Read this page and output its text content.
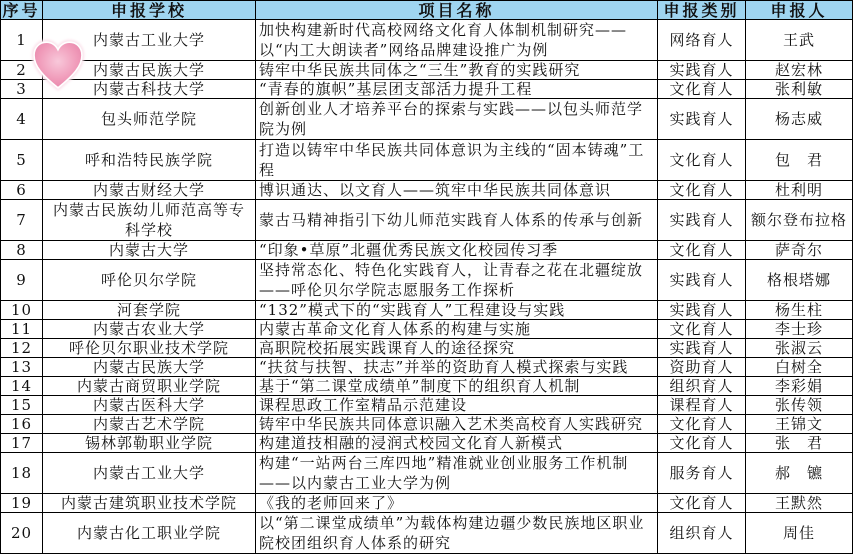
序号	申报学校	项目名称	申报类别	申报人
1	内蒙古工业大学	加快构建新时代高校网络文化育人体制机制研究——以“内工大朗读者”网络品牌建设推广为例	网络育人	王武
2	内蒙古民族大学	铸牢中华民族共同体之“三生”教育的实践研究	实践育人	赵宏林
3	内蒙古科技大学	“青春的旗帜”基层团支部活力提升工程	文化育人	张利敏
4	包头师范学院	创新创业人才培养平台的探索与实践——以包头师范学院为例	实践育人	杨志威
5	呼和浩特民族学院	打造以铸牢中华民族共同体意识为主线的“固本铸魂”工程	文化育人	包　君
6	内蒙古财经大学	博识通达、以文育人——筑牢中华民族共同体意识	文化育人	杜利明
7	内蒙古民族幼儿师范高等专科学校	蒙古马精神指引下幼儿师范实践育人体系的传承与创新	实践育人	额尔登布拉格
8	内蒙古大学	“印象•草原”北疆优秀民族文化校园传习季	文化育人	萨奇尔
9	呼伦贝尔学院	坚持常态化、特色化实践育人，让青春之花在北疆绽放——呼伦贝尔学院志愿服务工作探析	实践育人	格根塔娜
10	河套学院	“132”模式下的“实践育人”工程建设与实践	实践育人	杨生柱
11	内蒙古农业大学	内蒙古革命文化育人体系的构建与实施	文化育人	李士珍
12	呼伦贝尔职业技术学院	高职院校拓展实践课育人的途径探究	实践育人	张淑云
13	内蒙古民族大学	“扶贫与扶智、扶志”并举的资助育人模式探索与实践	资助育人	白树全
14	内蒙古商贸职业学院	基于“第二课堂成绩单”制度下的组织育人机制	组织育人	李彩娟
15	内蒙古医科大学	课程思政工作室精品示范建设	课程育人	张传领
16	内蒙古艺术学院	铸牢中华民族共同体意识融入艺术类高校育人实践研究	文化育人	王锦文
17	锡林郭勒职业学院	构建道技相融的浸润式校园文化育人新模式	文化育人	张　君
18	内蒙古工业大学	构建“一站两台三库四地”精准就业创业服务工作机制——以内蒙古工业大学为例	服务育人	郝　镳
19	内蒙古建筑职业技术学院	《我的老师回来了》	文化育人	王默然
20	内蒙古化工职业学院	以“第二课堂成绩单”为载体构建边疆少数民族地区职业院校团组织育人体系的研究	组织育人	周佳
